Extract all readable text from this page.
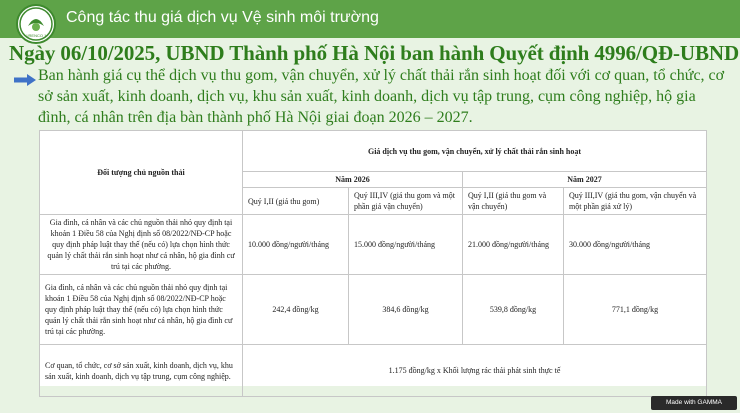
URENCO 1
Công tác thu giá dịch vụ Vệ sinh môi trường
Ngày 06/10/2025, UBND Thành phố Hà Nội ban hành Quyết định 4996/QĐ-UBND
Ban hành giá cụ thể dịch vụ thu gom, vận chuyển, xử lý chất thải rắn sinh hoạt đối với cơ quan, tổ chức, cơ sở sản xuất, kinh doanh, dịch vụ, khu sản xuất, kinh doanh, dịch vụ tập trung, cụm công nghiệp, hộ gia đình, cá nhân trên địa bàn thành phố Hà Nội giai đoạn 2026 – 2027.
Đối tượng chủ nguồn thải	Giá dịch vụ thu gom, vận chuyển, xử lý chất thải rắn sinh hoạt			
	Năm 2026		Năm 2027	
	Quý I,II (giá thu gom)	Quý III,IV (giá thu gom và một phần giá vận chuyển)	Quý I,II (giá thu gom và vận chuyển)	Quý III,IV (giá thu gom, vận chuyển và một phần giá xử lý)
Gia đình, cá nhân và các chủ nguồn thải nhỏ quy định tại khoản 1 Điều 58 của Nghị định số 08/2022/NĐ-CP hoặc quy định pháp luật thay thế (nếu có) lựa chọn hình thức quản lý chất thải rắn sinh hoạt như cá nhân, hộ gia đình cư trú tại các phường.	10.000 đồng/người/tháng	15.000 đồng/người/tháng	21.000 đồng/người/tháng	30.000 đồng/người/tháng
Gia đình, cá nhân và các chủ nguồn thải nhỏ quy định tại khoản 1 Điều 58 của Nghị định số 08/2022/NĐ-CP hoặc quy định pháp luật thay thế (nếu có) lựa chọn hình thức quản lý chất thải rắn sinh hoạt như cá nhân, hộ gia đình cư trú tại các phường.	242,4 đồng/kg	384,6 đồng/kg	539,8 đồng/kg	771,1 đồng/kg
Cơ quan, tổ chức, cơ sở sản xuất, kinh doanh, dịch vụ, khu sản xuất, kinh doanh, dịch vụ tập trung, cụm công nghiệp.	1.175 đồng/kg x Khối lượng rác thải phát sinh thực tế			
Made with GAMMA
